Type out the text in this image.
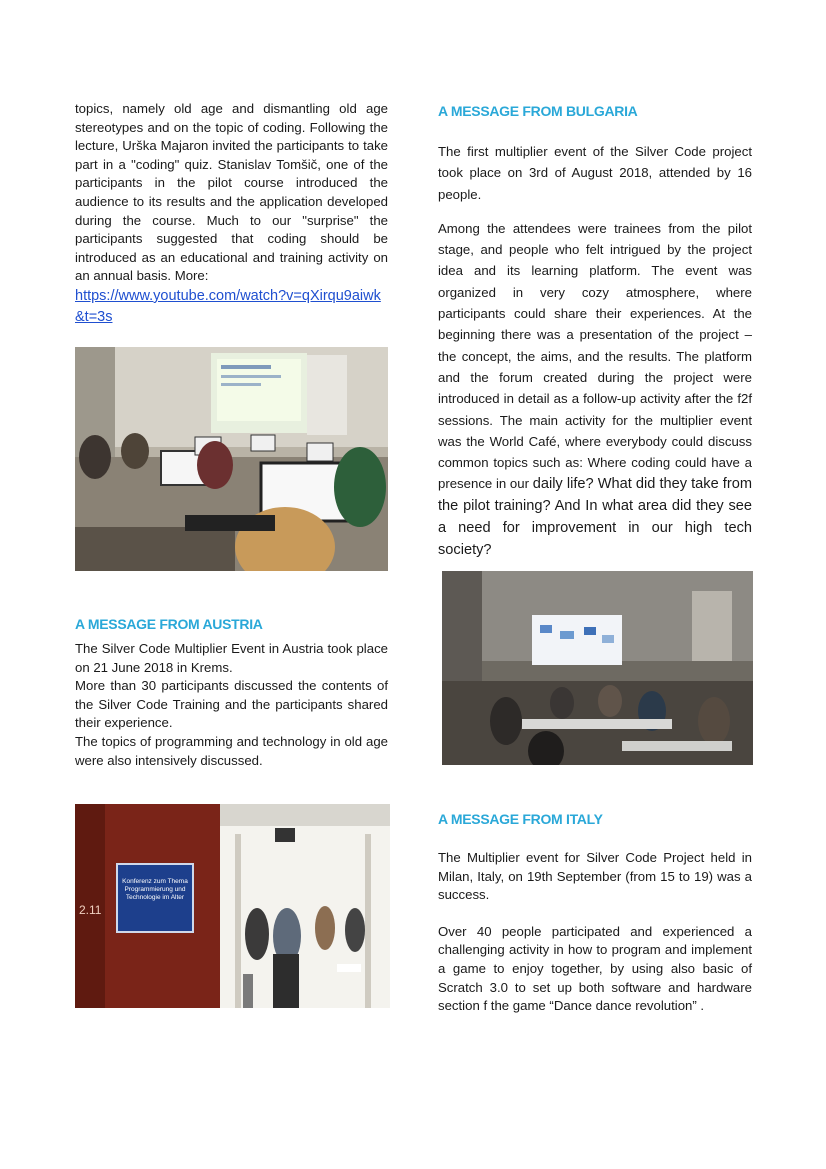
topics, namely old age and dismantling old age stereotypes and on the topic of coding. Following the lecture, Urška Majaron invited the participants to take part in a "coding" quiz. Stanislav Tomšič, one of the participants in the pilot course introduced the audience to its results and the application developed during the course. Much to our "surprise" the participants suggested that coding should be introduced as an educational and training activity on an annual basis. More:

https://www.youtube.com/watch?v=qXirqu9aiwk&t=3s
A MESSAGE FROM AUSTRIA

The Silver Code Multiplier Event in Austria took place on 21 June 2018 in Krems.

More than 30 participants discussed the contents of the Silver Code Training and the participants shared their experience.

The topics of programming and technology in old age were also intensively discussed.

2.11
Konferenz zum Thema Programmierung und Technologie im Alter
A MESSAGE FROM BULGARIA

The first multiplier event of the Silver Code project took place on 3rd of August 2018, attended by 16 people.

Among the attendees were trainees from the pilot stage, and people who felt intrigued by the project idea and its learning platform. The event was organized in very cozy atmosphere, where participants could share their experiences. At the beginning there was a presentation of the project – the concept, the aims, and the results. The platform and the forum created during the project were introduced in detail as a follow-up activity after the f2f sessions. The main activity for the multiplier event was the World Café, where everybody could discuss common topics such as: Where coding could have a presence in our daily life? What did they take from the pilot training? And In what area did they see a need for improvement in our high tech society?

A MESSAGE FROM ITALY

The Multiplier event for Silver Code Project held in Milan, Italy, on 19th September (from 15 to 19) was a success.

Over 40 people participated and experienced a challenging activity in how to program and implement a game to enjoy together, by using also basic of Scratch 3.0 to set up both software and hardware section f the game “Dance dance revolution” .
